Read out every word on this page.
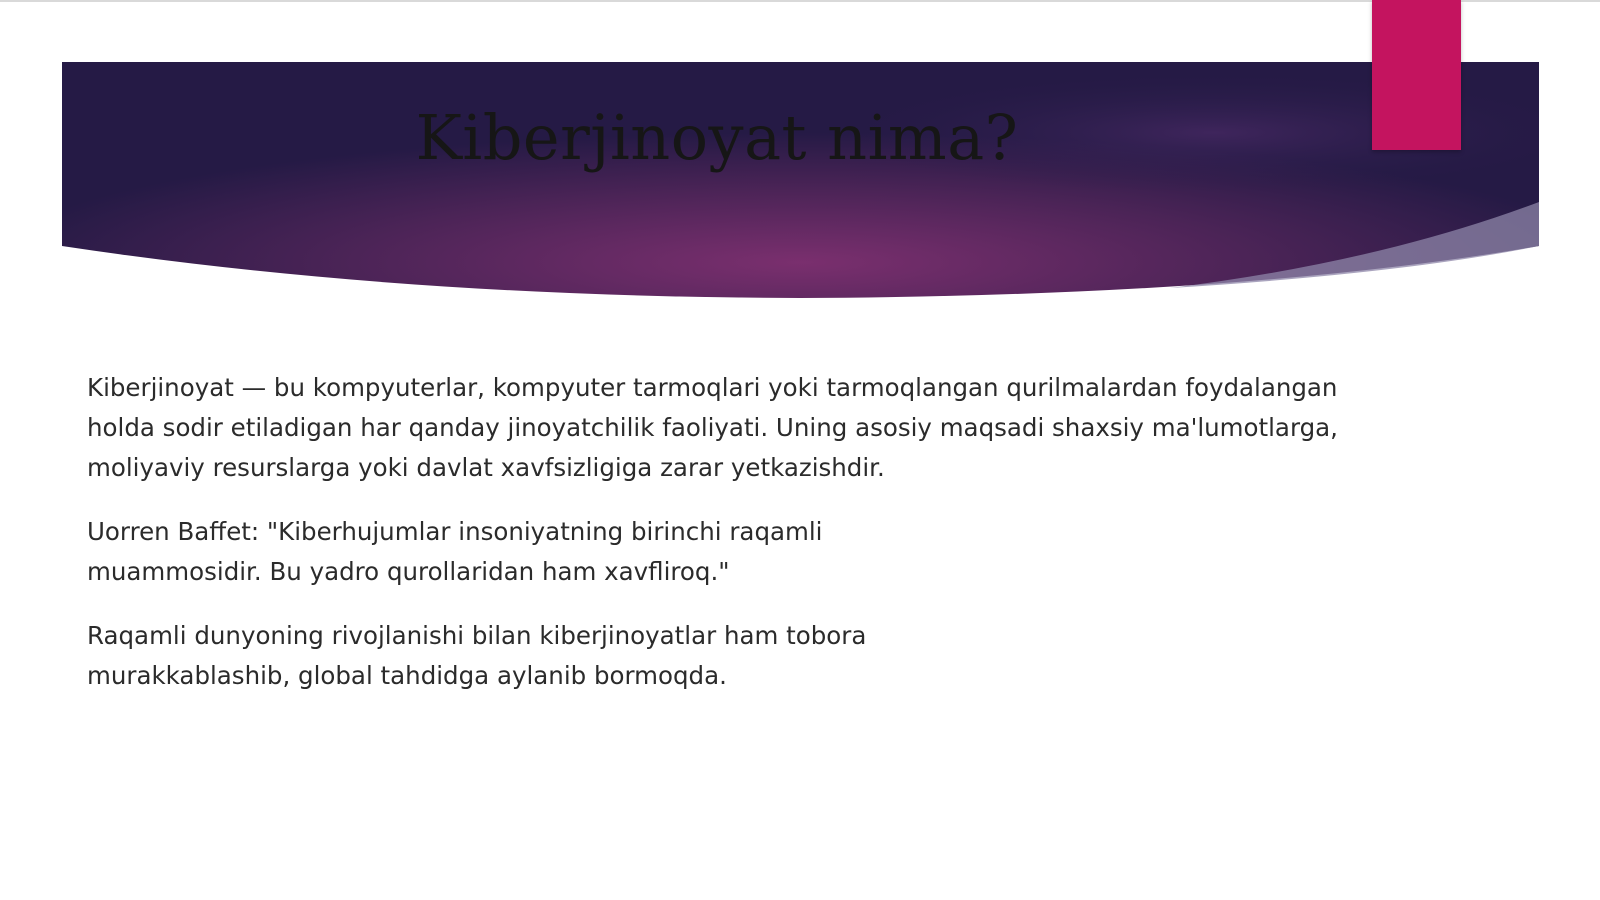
Kiberjinoyat nima?

Kiberjinoyat — bu kompyuterlar, kompyuter tarmoqlari yoki tarmoqlangan qurilmalardan foydalangan holda sodir etiladigan har qanday jinoyatchilik faoliyati. Uning asosiy maqsadi shaxsiy ma'lumotlarga, moliyaviy resurslarga yoki davlat xavfsizligiga zarar yetkazishdir.

Uorren Baffet: "Kiberhujumlar insoniyatning birinchi raqamli muammosidir. Bu yadro qurollaridan ham xavfliroq."

Raqamli dunyoning rivojlanishi bilan kiberjinoyatlar ham tobora murakkablashib, global tahdidga aylanib bormoqda.
